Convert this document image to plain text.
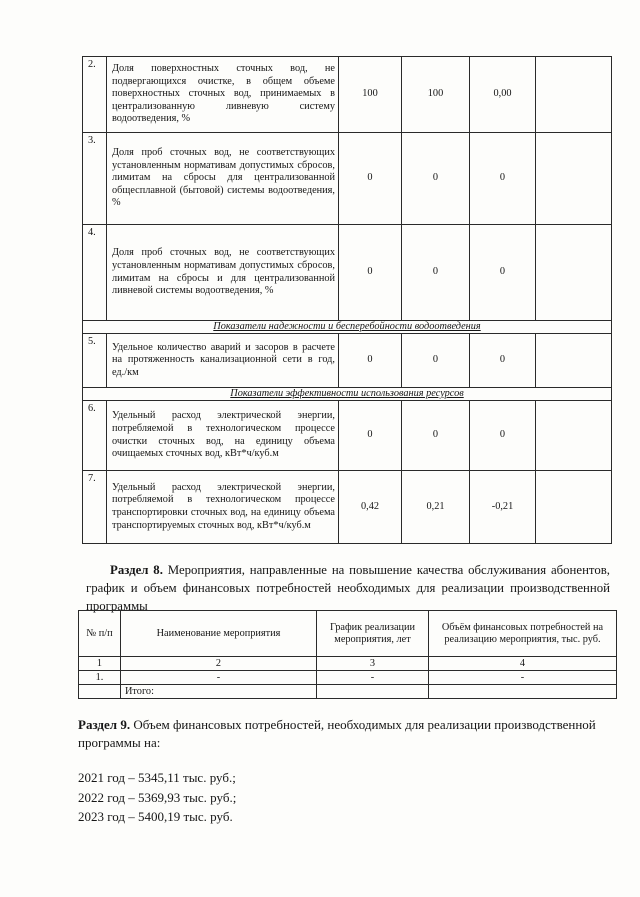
2.	Доля поверхностных сточных вод, не подвергающихся очистке, в общем объеме поверхностных сточных вод, принимаемых в централизованную ливневую систему водоотведения, %	100	100	0,00	
3.	Доля проб сточных вод, не соответствующих установленным нормативам допустимых сбросов, лимитам на сбросы для централизованной общесплавной (бытовой) системы водоотведения, %	0	0	0	
4.	Доля проб сточных вод, не соответствующих установленным нормативам допустимых сбросов, лимитам на сбросы и для централизованной ливневой системы водоотведения, %	0	0	0	
Показатели надежности и бесперебойности водоотведения					
5.	Удельное количество аварий и засоров в расчете на протяженность канализационной сети в год, ед./км	0	0	0	
Показатели эффективности использования ресурсов					
6.	Удельный расход электрической энергии, потребляемой в технологическом процессе очистки сточных вод, на единицу объема очищаемых сточных вод, кВт*ч/куб.м	0	0	0	
7.	Удельный расход электрической энергии, потребляемой в технологическом процессе транспортировки сточных вод, на единицу объема транспортируемых сточных вод, кВт*ч/куб.м	0,42	0,21	-0,21	
Раздел 8. Мероприятия, направленные на повышение качества обслуживания абонентов, график и объем финансовых потребностей необходимых для реализации производственной программы
№ п/п	Наименование мероприятия	График реализации мероприятия, лет	Объём финансовых потребностей на реализацию мероприятия, тыс. руб.
1	2	3	4
1.	-	-	-
	Итого:		
Раздел 9. Объем финансовых потребностей, необходимых для реализации производственной программы на:
2021 год – 5345,11 тыс. руб.;
2022 год – 5369,93 тыс. руб.;
2023 год – 5400,19 тыс. руб.
